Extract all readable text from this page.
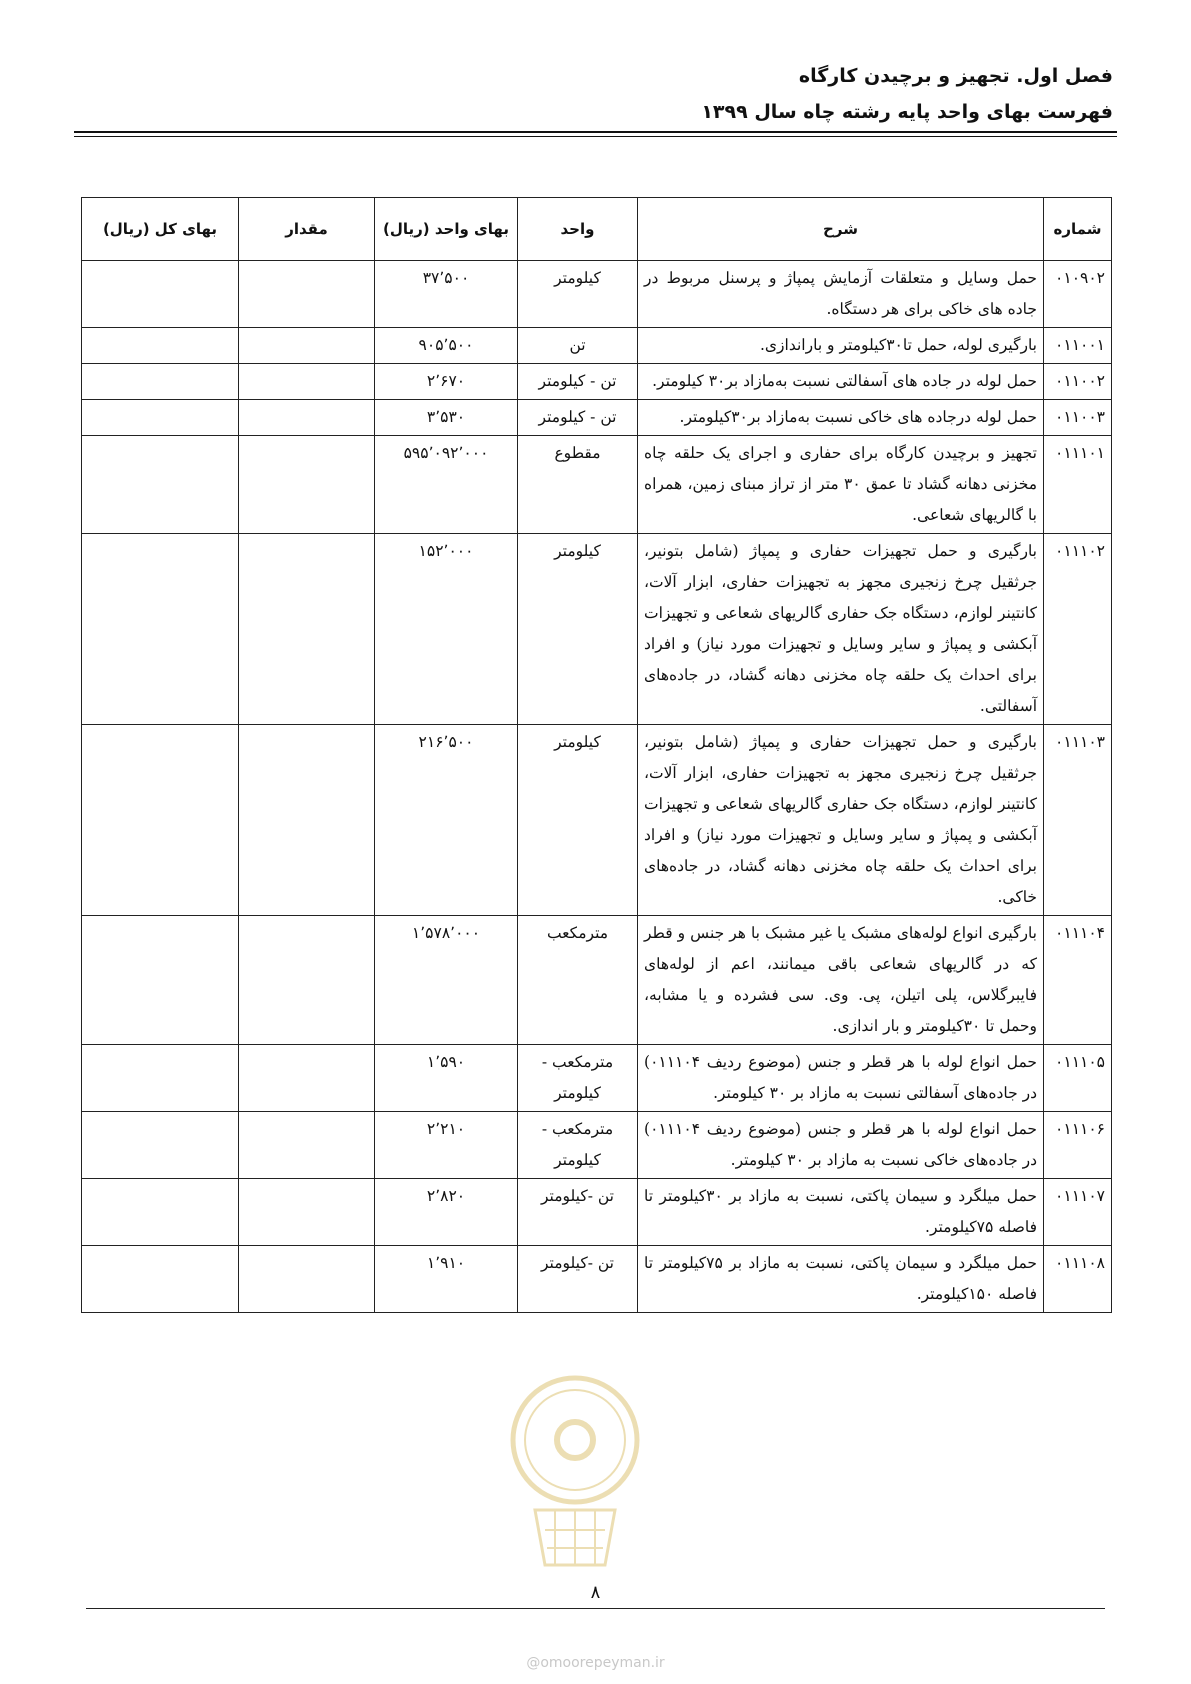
فصل اول. تجهیز و برچیدن کارگاه
فهرست بهای واحد پایه رشته چاه سال ۱۳۹۹
شماره	شرح	واحد	بهای واحد (ریال)	مقدار	بهای کل (ریال)
۰۱۰۹۰۲	حمل وسایل و متعلقات آزمایش پمپاژ و پرسنل مربوط در جاده های خاکی برای هر دستگاه.	کیلومتر	۳۷٬۵۰۰		
۰۱۱۰۰۱	بارگیری لوله، حمل تا۳۰کیلومتر و باراندازی.	تن	۹۰۵٬۵۰۰		
۰۱۱۰۰۲	حمل لوله در جاده های آسفالتی نسبت به‌مازاد بر۳۰ کیلومتر.	تن - کیلومتر	۲٬۶۷۰		
۰۱۱۰۰۳	حمل لوله درجاده های خاکی نسبت به‌مازاد بر۳۰کیلومتر.	تن - کیلومتر	۳٬۵۳۰		
۰۱۱۱۰۱	تجهیز و برچیدن کارگاه برای حفاری و اجرای یک حلقه چاه مخزنی دهانه گشاد تا عمق ۳۰ متر از تراز مبنای زمین، همراه با گالریهای شعاعی.	مقطوع	۵۹۵٬۰۹۲٬۰۰۰		
۰۱۱۱۰۲	بارگیری و حمل تجهیزات حفاری و پمپاژ (شامل بتونیر، جرثقیل چرخ زنجیری مجهز به تجهیزات حفاری، ابزار آلات، کانتینر لوازم، دستگاه جک حفاری گالریهای شعاعی و تجهیزات آبکشی و پمپاژ و سایر وسایل و تجهیزات مورد نیاز) و افراد برای احداث یک حلقه چاه مخزنی دهانه گشاد، در جاده‌های آسفالتی.	کیلومتر	۱۵۲٬۰۰۰		
۰۱۱۱۰۳	بارگیری و حمل تجهیزات حفاری و پمپاژ (شامل بتونیر، جرثقیل چرخ زنجیری مجهز به تجهیزات حفاری، ابزار آلات، کانتینر لوازم، دستگاه جک حفاری گالریهای شعاعی و تجهیزات آبکشی و پمپاژ و سایر وسایل و تجهیزات مورد نیاز) و افراد برای احداث یک حلقه چاه مخزنی دهانه گشاد، در جاده‌های خاکی.	کیلومتر	۲۱۶٬۵۰۰		
۰۱۱۱۰۴	بارگیری انواع لوله‌های مشبک یا غیر مشبک با هر جنس و قطر که در گالریهای شعاعی باقی میمانند، اعم از لوله‌های فایبرگلاس، پلی اتیلن، پی. وی. سی فشرده و یا مشابه، وحمل تا ۳۰کیلومتر و بار اندازی.	مترمکعب	۱٬۵۷۸٬۰۰۰		
۰۱۱۱۰۵	حمل انواع لوله با هر قطر و جنس (موضوع ردیف ۰۱۱۱۰۴) در جاده‌های آسفالتی نسبت به مازاد بر ۳۰ کیلومتر.	مترمکعب - کیلومتر	۱٬۵۹۰		
۰۱۱۱۰۶	حمل انواع لوله با هر قطر و جنس (موضوع ردیف ۰۱۱۱۰۴) در جاده‌های خاکی نسبت به مازاد بر ۳۰ کیلومتر.	مترمکعب - کیلومتر	۲٬۲۱۰		
۰۱۱۱۰۷	حمل میلگرد و سیمان پاکتی، نسبت به مازاد بر ۳۰کیلومتر تا فاصله ۷۵کیلومتر.	تن -کیلومتر	۲٬۸۲۰		
۰۱۱۱۰۸	حمل میلگرد و سیمان پاکتی، نسبت به مازاد بر ۷۵کیلومتر تا فاصله ۱۵۰کیلومتر.	تن -کیلومتر	۱٬۹۱۰		
۸
@omoorepeyman.ir
